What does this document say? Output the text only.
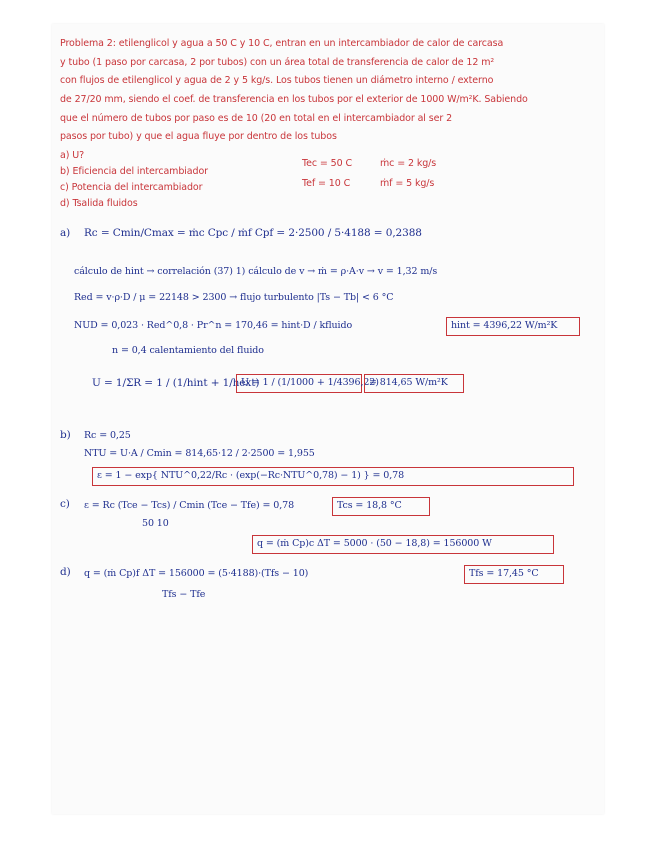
Problema 2: etilenglicol y agua a 50 C y 10 C, entran en un intercambiador de calor de carcasa
y tubo (1 paso por carcasa, 2 por tubos) con un área total de transferencia de calor de 12 m²
con flujos de etilenglicol y agua de 2 y 5 kg/s. Los tubos tienen un diámetro interno / externo
de 27/20 mm, siendo el coef. de transferencia en los tubos por el exterior de 1000 W/m²K. Sabiendo
que el número de tubos por paso es de 10 (20 en total en el intercambiador al ser 2
pasos por tubo) y que el agua fluye por dentro de los tubos
a) U?
b) Eficiencia del intercambiador
c) Potencia del intercambiador
d) Tsalida fluidos
Tec = 50 C	ṁc = 2 kg/s
Tef = 10 C	ṁf = 5 kg/s
a) Rc = Cmin/Cmax = ṁc Cpc / ṁf Cpf = 2·2500 / 5·4188 = 0,2388
cálculo de hint → correlación (37) 1) cálculo de v → ṁ = ρ·A·v → v = 1,32 m/s
Red = v·ρ·D / μ = 22148 > 2300 → flujo turbulento |Ts − Tb| < 6 °C
NUD = 0,023 · Red^0,8 · Pr^n = 170,46 = hint·D / kfluido	hint = 4396,22 W/m²K
n = 0,4 calentamiento del fluido
U = 1/ΣR = 1 / (1/hint + 1/hext)
U = 1 / (1/1000 + 1/4396,22)
= 814,65 W/m²K
b) Rc = 0,25
NTU = U·A / Cmin = 814,65·12 / 2·2500 = 1,955
ε = 1 − exp{ NTU^0,22/Rc · (exp(−Rc·NTU^0,78) − 1) } = 0,78
c) ε = Rc (Tce − Tcs) / Cmin (Tce − Tfe) = 0,78
50 10
Tcs = 18,8 °C
q = (ṁ Cp)c ΔT = 5000 · (50 − 18,8) = 156000 W
d) q = (ṁ Cp)f ΔT = 156000 = (5·4188)·(Tfs − 10)	Tfs = 17,45 °C
Tfs − Tfe
